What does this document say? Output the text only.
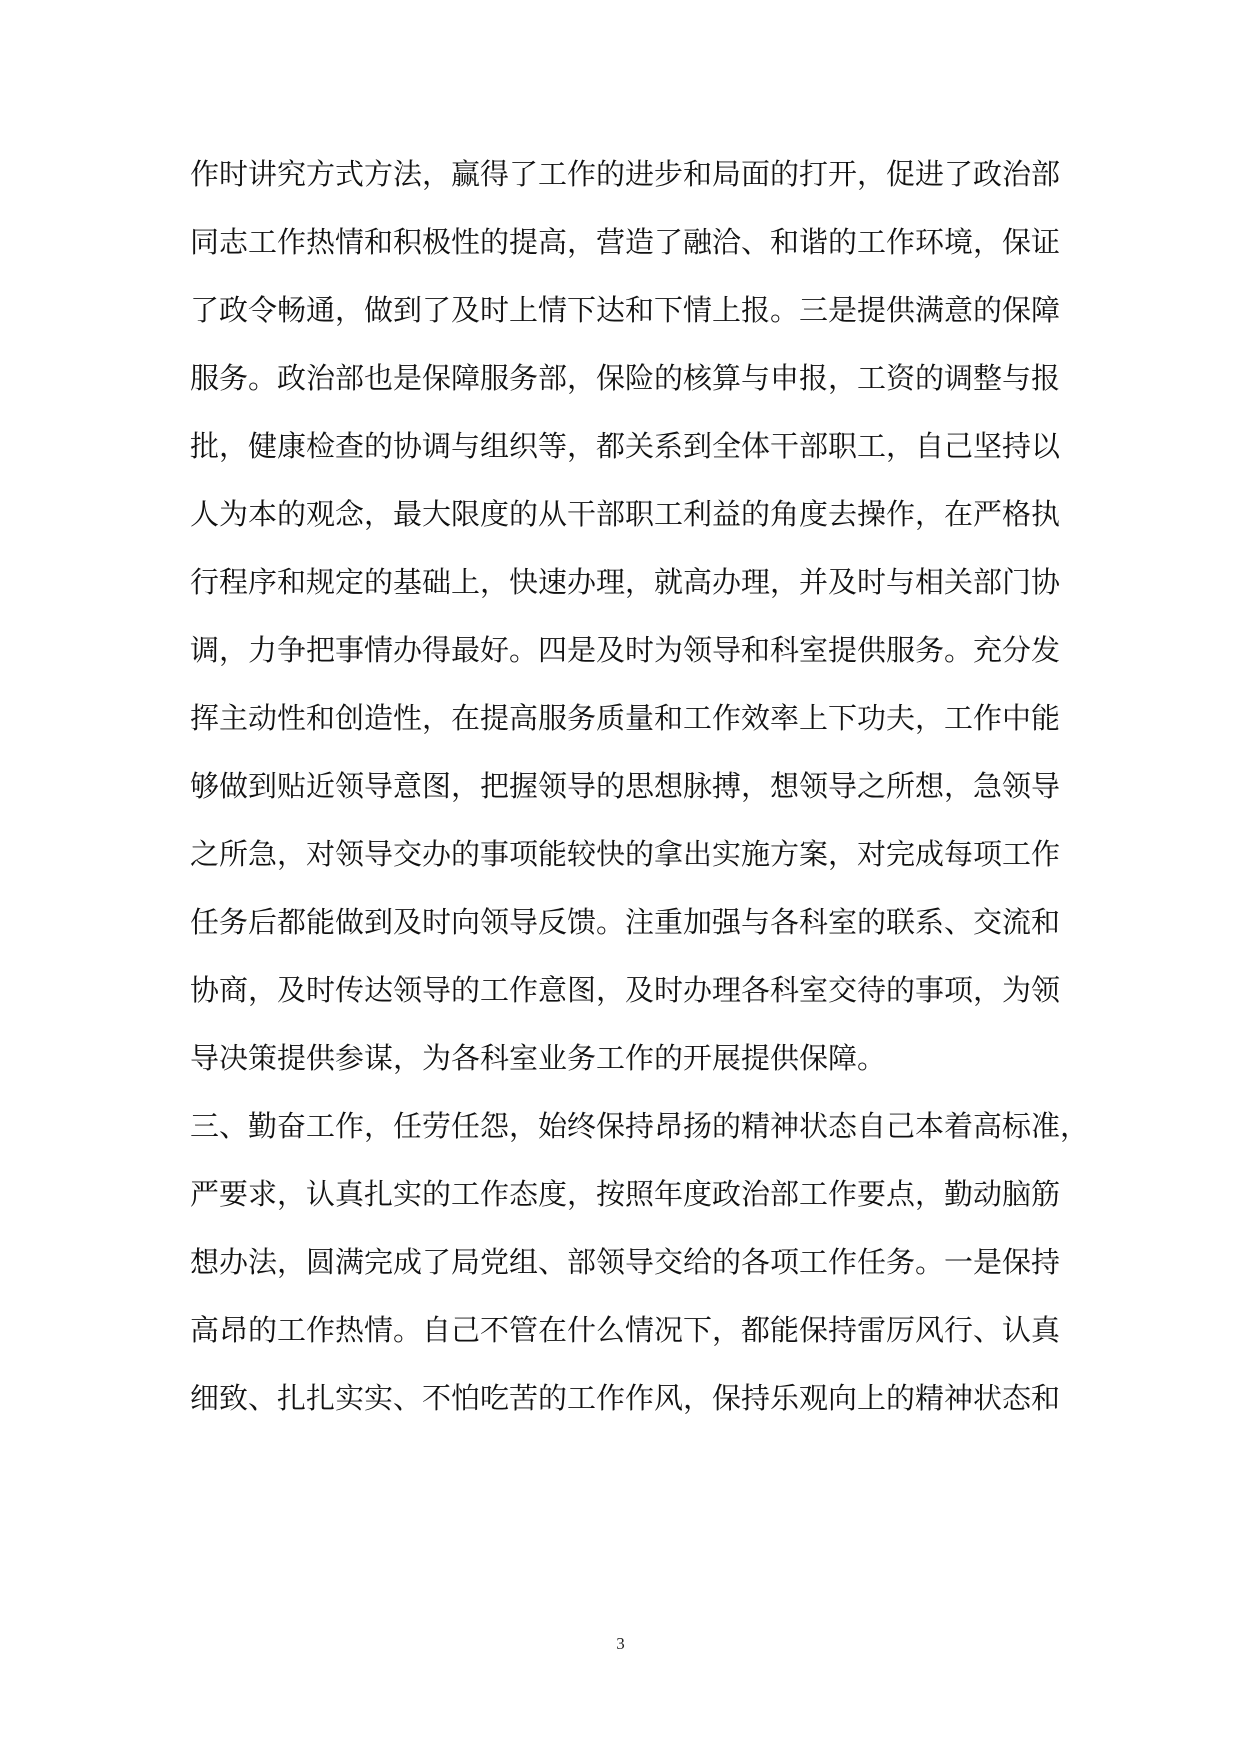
作时讲究方式方法，赢得了工作的进步和局面的打开，促进了政治部
同志工作热情和积极性的提高，营造了融洽、和谐的工作环境，保证
了政令畅通，做到了及时上情下达和下情上报。三是提供满意的保障
服务。政治部也是保障服务部，保险的核算与申报，工资的调整与报
批，健康检查的协调与组织等，都关系到全体干部职工，自己坚持以
人为本的观念，最大限度的从干部职工利益的角度去操作，在严格执
行程序和规定的基础上，快速办理，就高办理，并及时与相关部门协
调，力争把事情办得最好。四是及时为领导和科室提供服务。充分发
挥主动性和创造性，在提高服务质量和工作效率上下功夫，工作中能
够做到贴近领导意图，把握领导的思想脉搏，想领导之所想，急领导
之所急，对领导交办的事项能较快的拿出实施方案，对完成每项工作
任务后都能做到及时向领导反馈。注重加强与各科室的联系、交流和
协商，及时传达领导的工作意图，及时办理各科室交待的事项，为领
导决策提供参谋，为各科室业务工作的开展提供保障。
三、勤奋工作，任劳任怨，始终保持昂扬的精神状态自己本着高标准，
严要求，认真扎实的工作态度，按照年度政治部工作要点，勤动脑筋
想办法，圆满完成了局党组、部领导交给的各项工作任务。一是保持
高昂的工作热情。自己不管在什么情况下，都能保持雷厉风行、认真
细致、扎扎实实、不怕吃苦的工作作风，保持乐观向上的精神状态和
3
